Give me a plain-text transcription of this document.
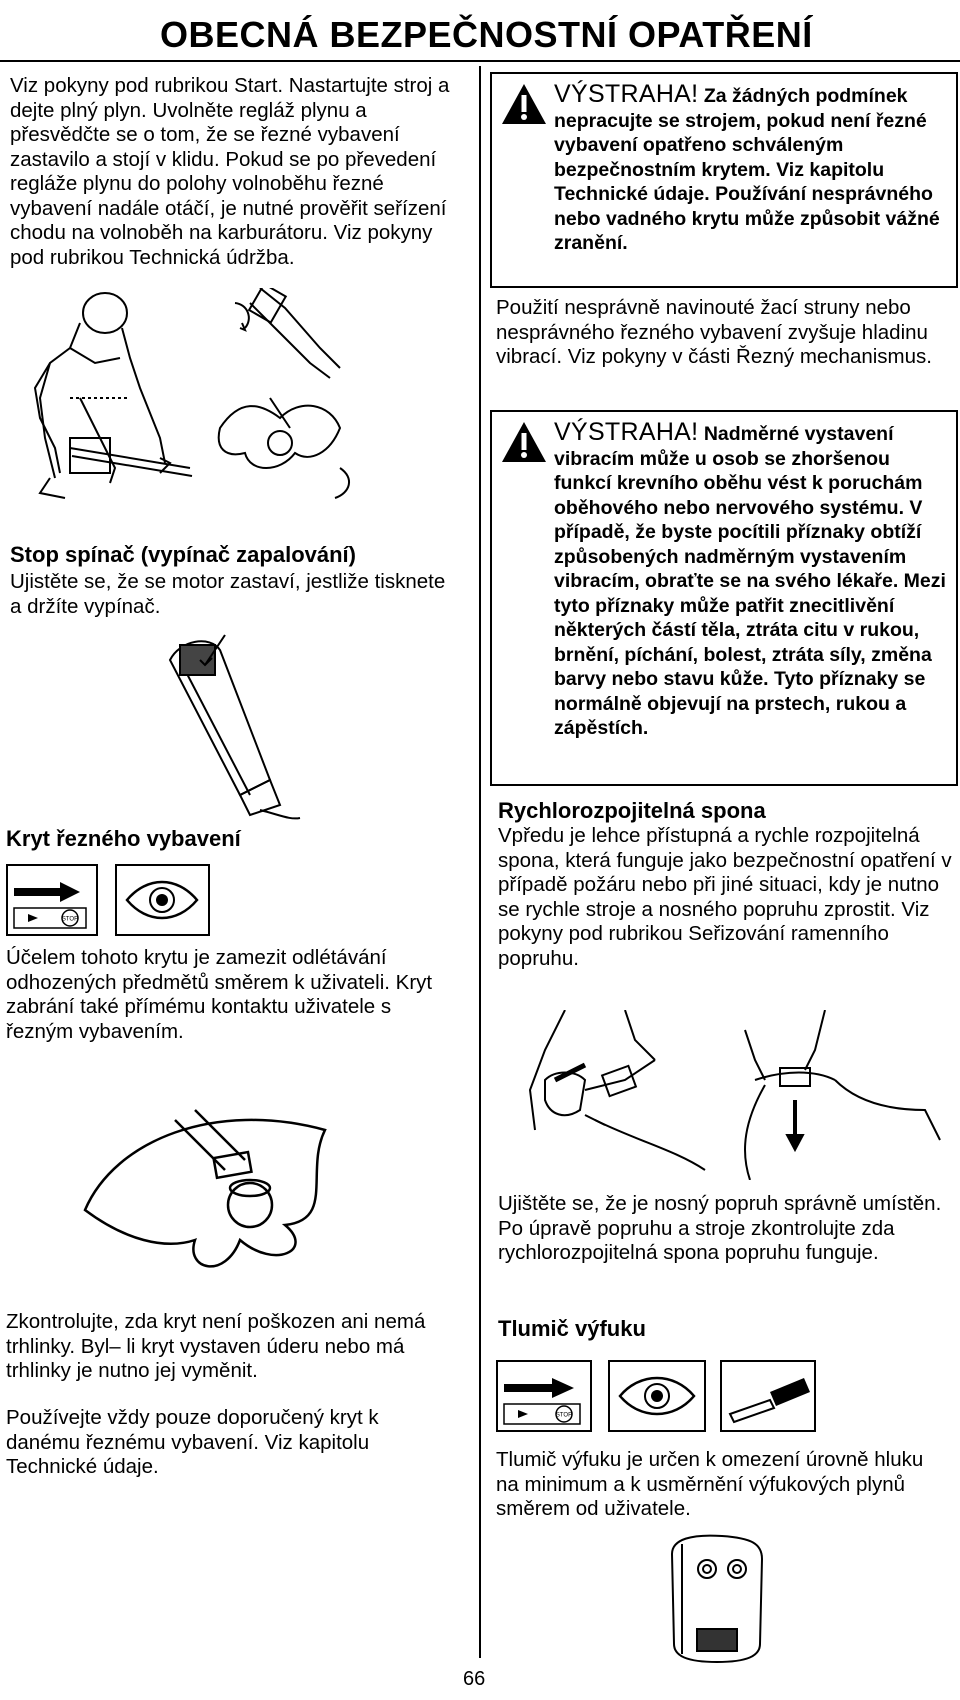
OBECNÁ BEZPEČNOSTNÍ OPATŘENÍ

Viz pokyny pod rubrikou Start. Nastartujte stroj a dejte plný plyn. Uvolněte regláž plynu a přesvědčte se o tom, že se řezné vybavení zastavilo a stojí v klidu. Pokud se po převedení regláže plynu do polohy volnoběhu řezné vybavení nadále otáčí, je nutné prověřit seřízení chodu na volnoběh na karburátoru. Viz pokyny pod rubrikou Technická údržba.

Stop spínač (vypínač zapalování)

Ujistěte se, že se motor zastaví, jestliže tisknete a držíte vypínač.

Kryt řezného vybavení

STOP

Účelem tohoto krytu je zamezit odlétávání odhozených předmětů směrem k uživateli. Kryt zabrání také přímému kontaktu uživatele s řezným vybavením.

Zkontrolujte, zda kryt není poškozen ani nemá trhlinky. Byl– li kryt vystaven úderu nebo má trhlinky je nutno jej vyměnit.

Používejte vždy pouze doporučený kryt k danému řeznému vybavení. Viz kapitolu Technické údaje.

VÝSTRAHA! Za žádných podmínek nepracujte se strojem, pokud není řezné vybavení opatřeno schváleným bezpečnostním krytem. Viz kapitolu Technické údaje. Používání nesprávného nebo vadného krytu může způsobit vážné zranění.

Použití nesprávně navinouté žací struny nebo nesprávného řezného vybavení zvyšuje hladinu vibrací. Viz pokyny v části Řezný mechanismus.

VÝSTRAHA! Nadměrné vystavení vibracím může u osob se zhoršenou funkcí krevního oběhu vést k poruchám oběhového nebo nervového systému. V případě, že byste pocítili příznaky obtíží způsobených nadměrným vystavením vibracím, obraťte se na svého lékaře. Mezi tyto příznaky může patřit znecitlivění některých částí těla, ztráta citu v rukou, brnění, píchání, bolest, ztráta síly, změna barvy nebo stavu kůže. Tyto příznaky se normálně objevují na prstech, rukou a zápěstích.

Rychlorozpojitelná spona

Vpředu je lehce přístupná a rychle rozpojitelná spona, která funguje jako bezpečnostní opatření v případě požáru nebo při jiné situaci, kdy je nutno se rychle stroje a nosného popruhu zprostit. Viz pokyny pod rubrikou Seřizování ramenního popruhu.

Ujištěte se, že je nosný popruh správně umístěn. Po úpravě popruhu a stroje zkontrolujte zda rychlorozpojitelná spona popruhu funguje.

Tlumič výfuku

STOP

Tlumič výfuku je určen k omezení úrovně hluku na minimum a k usměrnění výfukových plynů směrem od uživatele.

66
